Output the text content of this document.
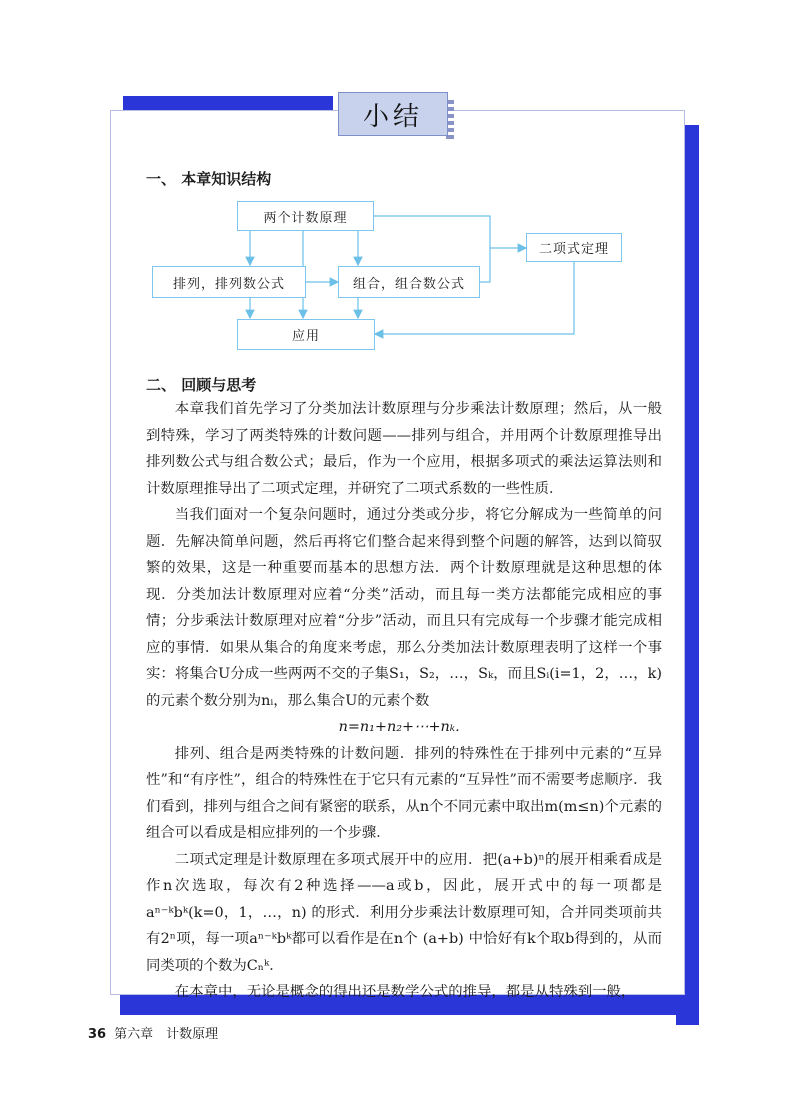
小结
一、 本章知识结构
两个计数原理
排列，排列数公式	组合，组合数公式
二项式定理
应用
二、 回顾与思考

本章我们首先学习了分类加法计数原理与分步乘法计数原理；然后，从一般到特殊，学习了两类特殊的计数问题——排列与组合，并用两个计数原理推导出排列数公式与组合数公式；最后，作为一个应用，根据多项式的乘法运算法则和计数原理推导出了二项式定理，并研究了二项式系数的一些性质．

当我们面对一个复杂问题时，通过分类或分步，将它分解成为一些简单的问题．先解决简单问题，然后再将它们整合起来得到整个问题的解答，达到以简驭繁的效果，这是一种重要而基本的思想方法．两个计数原理就是这种思想的体现．分类加法计数原理对应着“分类”活动，而且每一类方法都能完成相应的事情；分步乘法计数原理对应着“分步”活动，而且只有完成每一个步骤才能完成相应的事情．如果从集合的角度来考虑，那么分类加法计数原理表明了这样一个事实：将集合U分成一些两两不交的子集S₁，S₂，…，Sₖ，而且Sᵢ(i=1，2，…，k) 的元素个数分别为nᵢ，那么集合U的元素个数

n=n₁+n₂+⋯+nₖ．

排列、组合是两类特殊的计数问题．排列的特殊性在于排列中元素的“互异性”和“有序性”，组合的特殊性在于它只有元素的“互异性”而不需要考虑顺序．我们看到，排列与组合之间有紧密的联系，从n个不同元素中取出m(m≤n)个元素的组合可以看成是相应排列的一个步骤．

二项式定理是计数原理在多项式展开中的应用．把(a+b)ⁿ的展开相乘看成是作n次选取，每次有2种选择——a或b，因此，展开式中的每一项都是aⁿ⁻ᵏbᵏ(k=0，1，…，n) 的形式．利用分步乘法计数原理可知，合并同类项前共有2ⁿ项，每一项aⁿ⁻ᵏbᵏ都可以看作是在n个 (a+b) 中恰好有k个取b得到的，从而同类项的个数为Cₙᵏ．

在本章中，无论是概念的得出还是数学公式的推导，都是从特殊到一般，

36 第六章　计数原理
